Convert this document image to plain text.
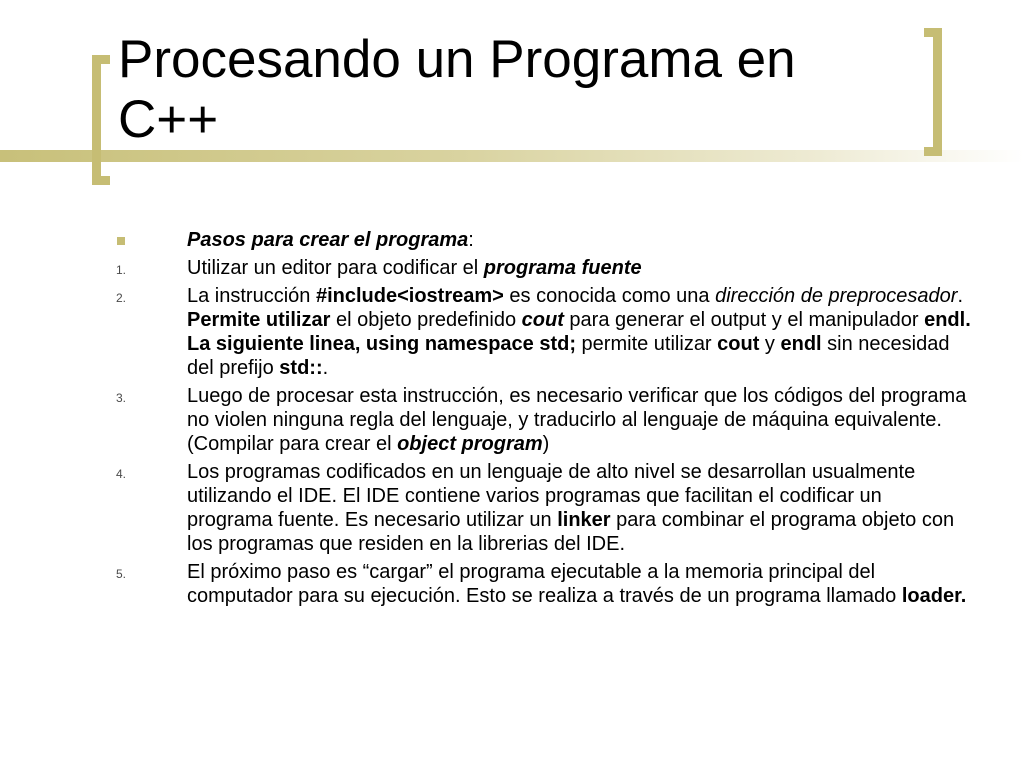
Procesando un Programa en C++
Pasos para crear el programa:
1.	Utilizar un editor para codificar el programa fuente
2.	La instrucción #include<iostream> es conocida como una dirección de preprocesador. Permite utilizar el objeto predefinido cout para generar el output y el manipulador endl. La siguiente linea, using namespace std; permite utilizar cout y endl sin necesidad del prefijo std::.
3.	Luego de procesar esta instrucción, es necesario verificar que los códigos del programa no violen ninguna regla del lenguaje, y traducirlo al lenguaje de máquina equivalente. (Compilar para crear el object program)
4.	Los programas codificados en un lenguaje de alto nivel se desarrollan usualmente utilizando el IDE. El IDE contiene varios programas que facilitan el codificar un programa fuente. Es necesario utilizar un linker para combinar el programa objeto con los programas que residen en la librerias del IDE.
5.	El próximo paso es “cargar” el programa ejecutable a la memoria principal del computador para su ejecución. Esto se realiza a través de un programa llamado loader.
